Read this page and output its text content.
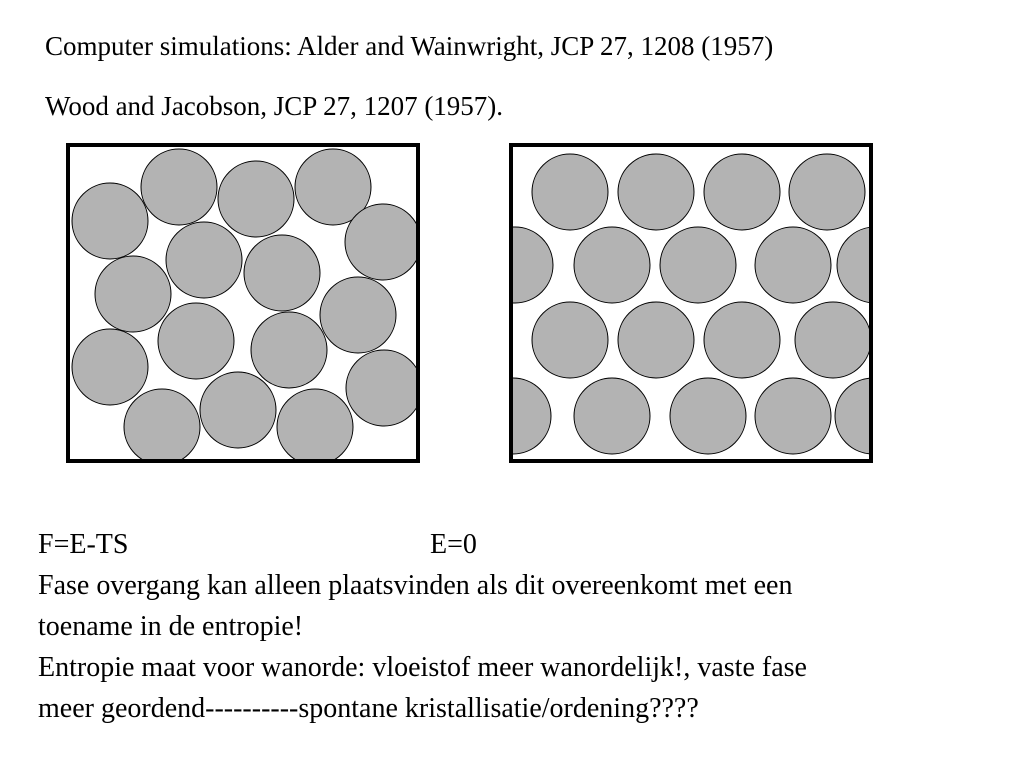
Computer simulations: Alder and Wainwright, JCP 27, 1208 (1957)
Wood and Jacobson, JCP 27, 1207 (1957).
F=E-TS	E=0
Fase overgang kan alleen plaatsvinden als dit overeenkomt met een
toename in de entropie!
Entropie maat voor wanorde: vloeistof meer wanordelijk!, vaste fase
meer geordend----------spontane kristallisatie/ordening????
